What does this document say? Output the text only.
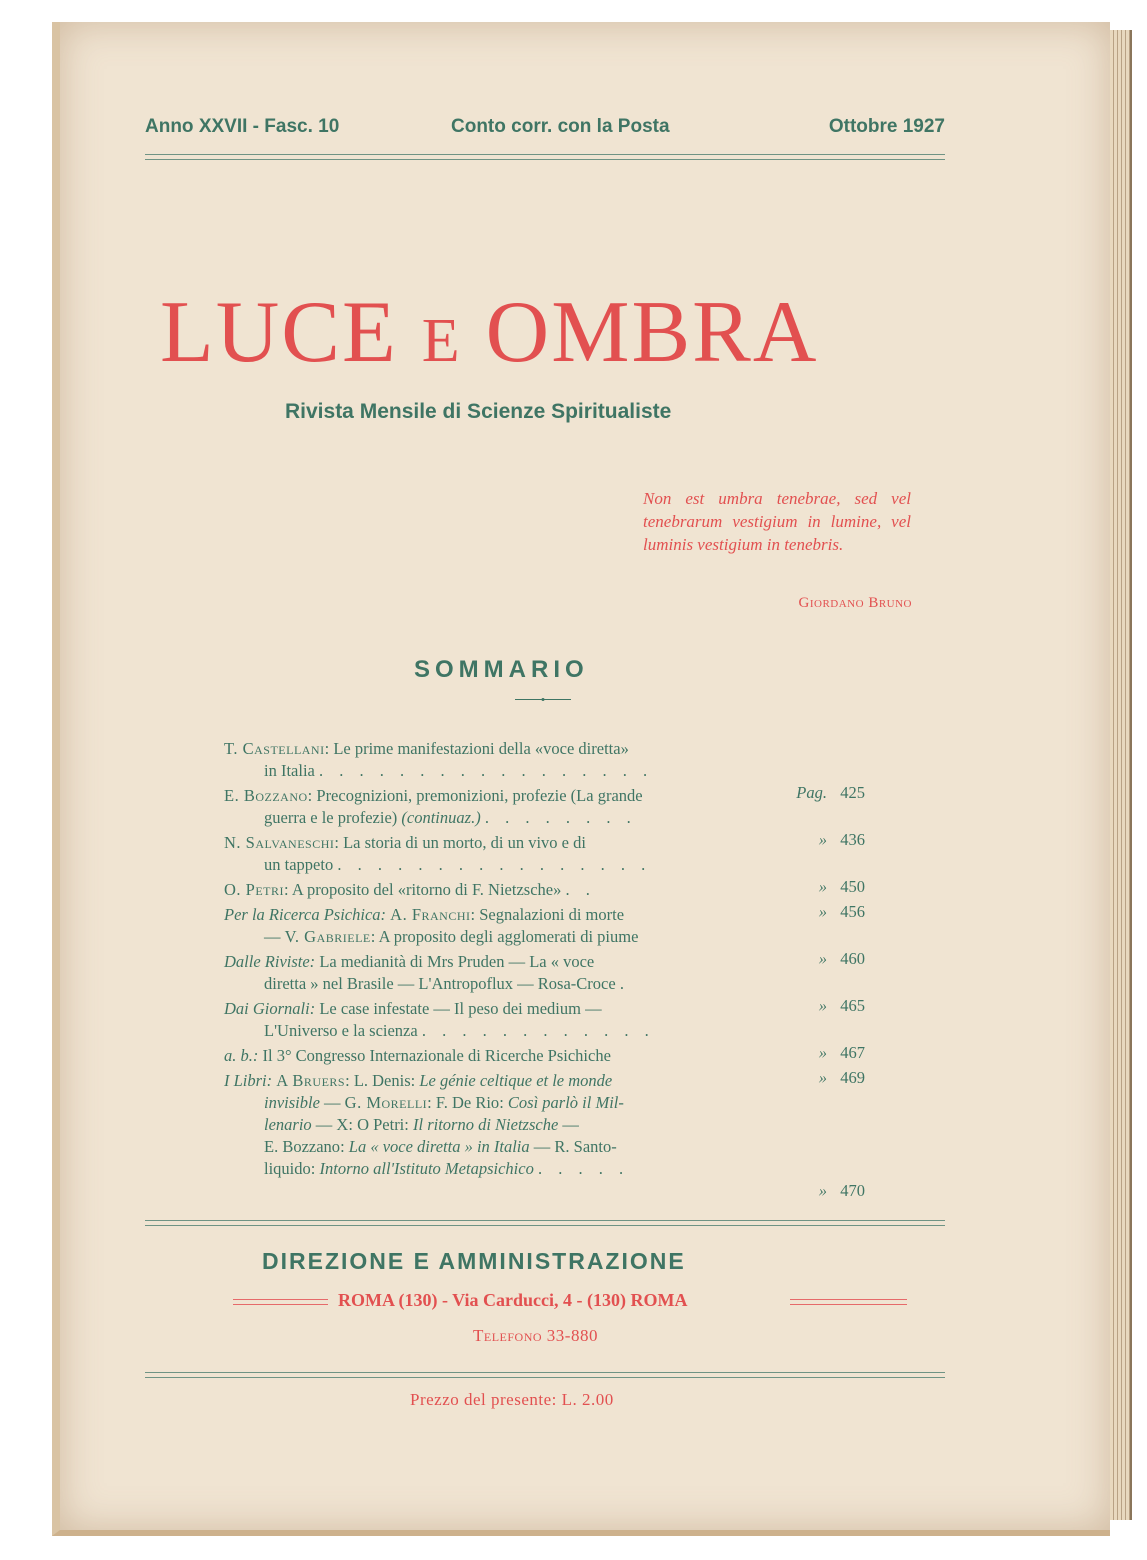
Anno XXVII - Fasc. 10	Conto corr. con la Posta	Ottobre 1927
LUCE E OMBRA
Rivista Mensile di Scienze Spiritualiste
Non est umbra tenebrae, sed vel tenebrarum vestigium in lumine, vel luminis vestigium in tenebris.
Giordano Bruno
SOMMARIO
T. Castellani: Le prime manifestazioni della «voce diretta»
in Italia . . . . . . . . . . . . . . . . .
Pag. 425
E. Bozzano: Precognizioni, premonizioni, profezie (La grande
guerra e le profezie) (continuaz.) . . . . . . . .
» 436
N. Salvaneschi: La storia di un morto, di un vivo e di
un tappeto . . . . . . . . . . . . . . . .
» 450
O. Petri: A proposito del «ritorno di F. Nietzsche» . .
» 456
Per la Ricerca Psichica: A. Franchi: Segnalazioni di morte
— V. Gabriele: A proposito degli agglomerati di piume
» 460
Dalle Riviste: La medianità di Mrs Pruden — La « voce
diretta » nel Brasile — L'Antropoflux — Rosa-Croce .
» 465
Dai Giornali: Le case infestate — Il peso dei medium —
L'Universo e la scienza . . . . . . . . . . . .
» 467
a. b.: Il 3° Congresso Internazionale di Ricerche Psichiche
» 469
I Libri: A Bruers: L. Denis: Le génie celtique et le monde
invisible — G. Morelli: F. De Rio: Così parlò il Mil-
lenario — X: O Petri: Il ritorno di Nietzsche —
E. Bozzano: La « voce diretta » in Italia — R. Santo-
liquido: Intorno all'Istituto Metapsichico . . . . .
» 470
DIREZIONE E AMMINISTRAZIONE
ROMA (130) - Via Carducci, 4 - (130) ROMA
Telefono 33-880
Prezzo del presente: L. 2.00
